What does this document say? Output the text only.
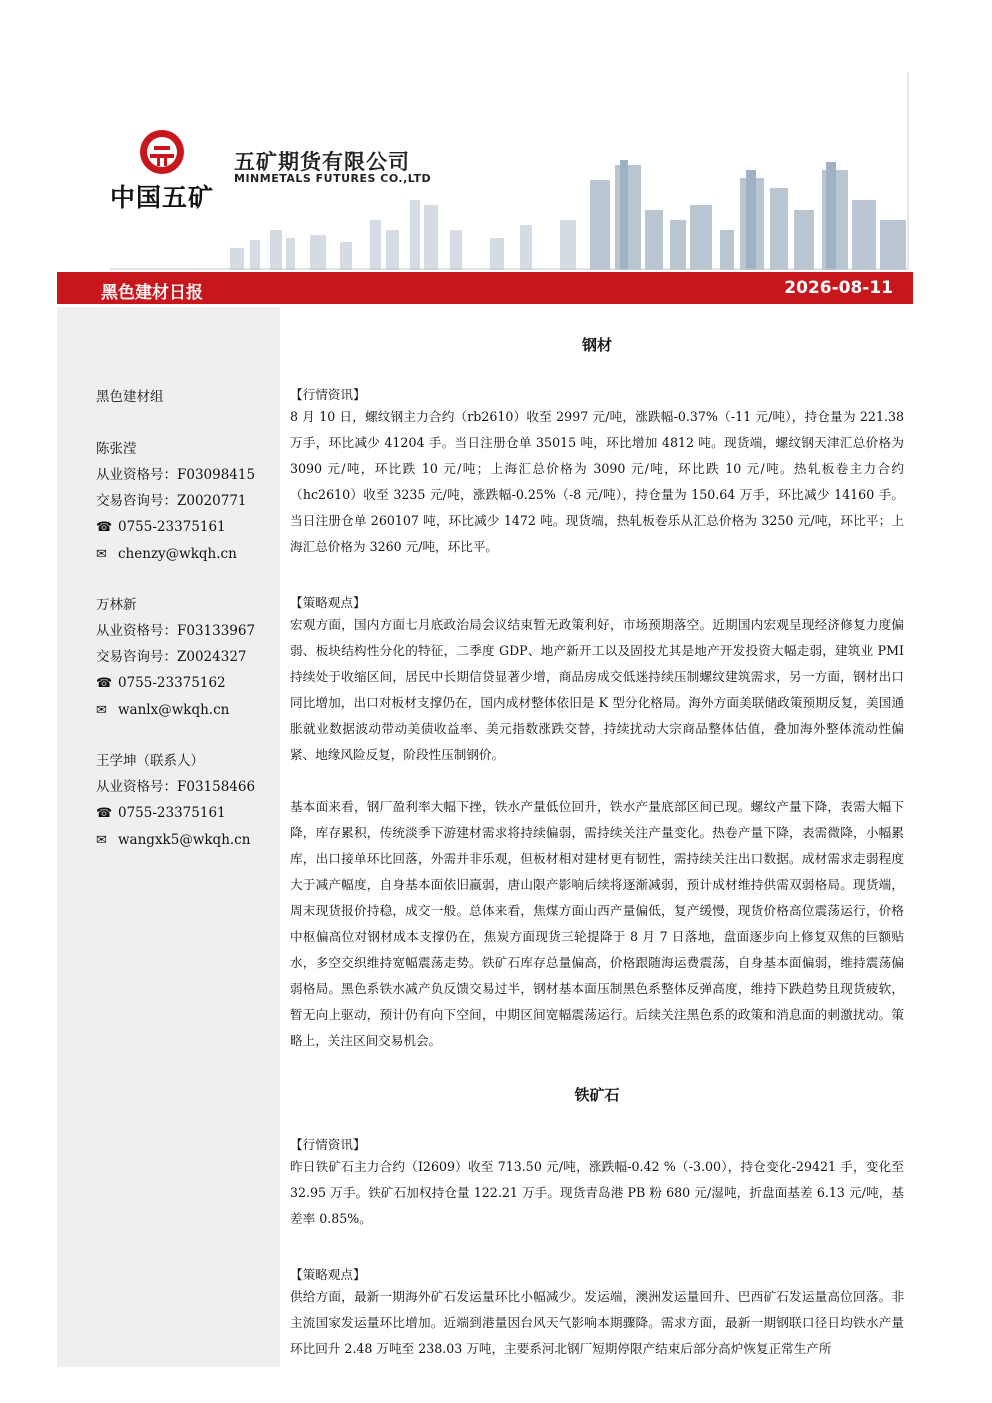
中国五矿
五矿期货有限公司
MINMETALS FUTURES CO.,LTD
黑色建材日报	2026-08-11
黑色建材组
陈张滢
从业资格号：F03098415
交易咨询号：Z0020771
☎ 0755-23375161
✉ chenzy@wkqh.cn
万林新
从业资格号：F03133967
交易咨询号：Z0024327
☎ 0755-23375162
✉ wanlx@wkqh.cn
王学坤（联系人）
从业资格号：F03158466
☎ 0755-23375161
✉ wangxk5@wkqh.cn
钢材
【行情资讯】

8 月 10 日，螺纹钢主力合约（rb2610）收至 2997 元/吨，涨跌幅-0.37%（-11 元/吨），持仓量为 221.38 万手，环比减少 41204 手。当日注册仓单 35015 吨，环比增加 4812 吨。现货端，螺纹钢天津汇总价格为 3090 元/吨，环比跌 10 元/吨；上海汇总价格为 3090 元/吨，环比跌 10 元/吨。热轧板卷主力合约（hc2610）收至 3235 元/吨，涨跌幅-0.25%（-8 元/吨），持仓量为 150.64 万手，环比减少 14160 手。当日注册仓单 260107 吨，环比减少 1472 吨。现货端，热轧板卷乐从汇总价格为 3250 元/吨，环比平；上海汇总价格为 3260 元/吨，环比平。

【策略观点】

宏观方面，国内方面七月底政治局会议结束暂无政策利好，市场预期落空。近期国内宏观呈现经济修复力度偏弱、板块结构性分化的特征，二季度 GDP、地产新开工以及固投尤其是地产开发投资大幅走弱，建筑业 PMI 持续处于收缩区间，居民中长期信贷显著少增，商品房成交低迷持续压制螺纹建筑需求，另一方面，钢材出口同比增加，出口对板材支撑仍在，国内成材整体依旧是 K 型分化格局。海外方面美联储政策预期反复，美国通胀就业数据波动带动美债收益率、美元指数涨跌交替，持续扰动大宗商品整体估值，叠加海外整体流动性偏紧、地缘风险反复，阶段性压制钢价。

基本面来看，钢厂盈利率大幅下挫，铁水产量低位回升，铁水产量底部区间已现。螺纹产量下降，表需大幅下降，库存累积，传统淡季下游建材需求将持续偏弱，需持续关注产量变化。热卷产量下降，表需微降，小幅累库，出口接单环比回落，外需并非乐观，但板材相对建材更有韧性，需持续关注出口数据。成材需求走弱程度大于减产幅度，自身基本面依旧羸弱，唐山限产影响后续将逐渐减弱，预计成材维持供需双弱格局。现货端，周末现货报价持稳，成交一般。总体来看，焦煤方面山西产量偏低，复产缓慢，现货价格高位震荡运行，价格中枢偏高位对钢材成本支撑仍在，焦炭方面现货三轮提降于 8 月 7 日落地，盘面逐步向上修复双焦的巨额贴水，多空交织维持宽幅震荡走势。铁矿石库存总量偏高，价格跟随海运费震荡，自身基本面偏弱，维持震荡偏弱格局。黑色系铁水减产负反馈交易过半，钢材基本面压制黑色系整体反弹高度，维持下跌趋势且现货疲软，暂无向上驱动，预计仍有向下空间，中期区间宽幅震荡运行。后续关注黑色系的政策和消息面的刺激扰动。策略上，关注区间交易机会。

铁矿石
【行情资讯】

昨日铁矿石主力合约（I2609）收至 713.50 元/吨，涨跌幅-0.42 %（-3.00），持仓变化-29421 手，变化至 32.95 万手。铁矿石加权持仓量 122.21 万手。现货青岛港 PB 粉 680 元/湿吨，折盘面基差 6.13 元/吨，基差率 0.85%。

【策略观点】

供给方面，最新一期海外矿石发运量环比小幅减少。发运端，澳洲发运量回升、巴西矿石发运量高位回落。非主流国家发运量环比增加。近端到港量因台风天气影响本期骤降。需求方面，最新一期钢联口径日均铁水产量环比回升 2.48 万吨至 238.03 万吨，主要系河北钢厂短期停限产结束后部分高炉恢复正常生产所
